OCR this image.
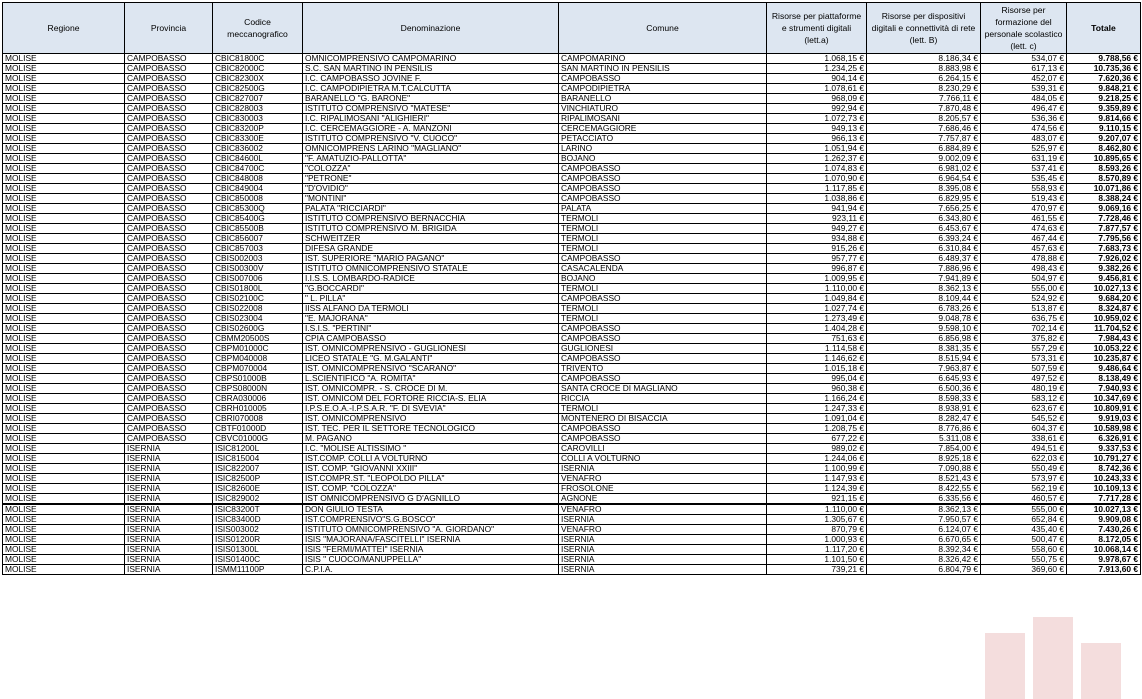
Regione	Provincia	Codice meccanografico	Denominazione	Comune	Risorse per piattaforme e strumenti digitali (lett.a)	Risorse per dispositivi digitali e connettività di rete (lett. B)	Risorse per formazione del personale scolastico (lett. c)	Totale
MOLISE	CAMPOBASSO	CBIC81800C	OMNICOMPRENSIVO CAMPOMARINO	CAMPOMARINO	1.068,15 €	8.186,34 €	534,07 €	9.788,56 €
MOLISE	CAMPOBASSO	CBIC82000C	S.C. SAN MARTINO IN PENSILIS	SAN MARTINO IN PENSILIS	1.234,25 €	8.883,98 €	617,13 €	10.735,36 €
MOLISE	CAMPOBASSO	CBIC82300X	I.C. CAMPOBASSO JOVINE F.	CAMPOBASSO	904,14 €	6.264,15 €	452,07 €	7.620,36 €
MOLISE	CAMPOBASSO	CBIC82500G	I.C. CAMPODIPIETRA M.T.CALCUTTA	CAMPODIPIETRA	1.078,61 €	8.230,29 €	539,31 €	9.848,21 €
MOLISE	CAMPOBASSO	CBIC827007	BARANELLO "G. BARONE"	BARANELLO	968,09 €	7.766,11 €	484,05 €	9.218,25 €
MOLISE	CAMPOBASSO	CBIC828003	ISTITUTO COMPRENSIVO "MATESE"	VINCHIATURO	992,94 €	7.870,48 €	496,47 €	9.359,89 €
MOLISE	CAMPOBASSO	CBIC830003	I.C. RIPALIMOSANI "ALIGHIERI"	RIPALIMOSANI	1.072,73 €	8.205,57 €	536,36 €	9.814,66 €
MOLISE	CAMPOBASSO	CBIC83200P	I.C. CERCEMAGGIORE - A. MANZONI	CERCEMAGGIORE	949,13 €	7.686,46 €	474,56 €	9.110,15 €
MOLISE	CAMPOBASSO	CBIC83300E	ISTITUTO COMPRENSIVO "V. CUOCO"	PETACCIATO	966,13 €	7.757,87 €	483,07 €	9.207,07 €
MOLISE	CAMPOBASSO	CBIC836002	OMNICOMPRENS LARINO "MAGLIANO"	LARINO	1.051,94 €	6.884,89 €	525,97 €	8.462,80 €
MOLISE	CAMPOBASSO	CBIC84600L	"F. AMATUZIO-PALLOTTA"	BOJANO	1.262,37 €	9.002,09 €	631,19 €	10.895,65 €
MOLISE	CAMPOBASSO	CBIC84700C	"COLOZZA"	CAMPOBASSO	1.074,83 €	6.981,02 €	537,41 €	8.593,26 €
MOLISE	CAMPOBASSO	CBIC848008	"PETRONE"	CAMPOBASSO	1.070,90 €	6.964,54 €	535,45 €	8.570,89 €
MOLISE	CAMPOBASSO	CBIC849004	"D'OVIDIO"	CAMPOBASSO	1.117,85 €	8.395,08 €	558,93 €	10.071,86 €
MOLISE	CAMPOBASSO	CBIC850008	"MONTINI"	CAMPOBASSO	1.038,86 €	6.829,95 €	519,43 €	8.388,24 €
MOLISE	CAMPOBASSO	CBIC85300Q	PALATA "RICCIARDI"	PALATA	941,94 €	7.656,25 €	470,97 €	9.069,16 €
MOLISE	CAMPOBASSO	CBIC85400G	ISTITUTO COMPRENSIVO BERNACCHIA	TERMOLI	923,11 €	6.343,80 €	461,55 €	7.728,46 €
MOLISE	CAMPOBASSO	CBIC85500B	ISTITUTO COMPRENSIVO M. BRIGIDA	TERMOLI	949,27 €	6.453,67 €	474,63 €	7.877,57 €
MOLISE	CAMPOBASSO	CBIC856007	SCHWEITZER	TERMOLI	934,88 €	6.393,24 €	467,44 €	7.795,56 €
MOLISE	CAMPOBASSO	CBIC857003	DIFESA GRANDE	TERMOLI	915,26 €	6.310,84 €	457,63 €	7.683,73 €
MOLISE	CAMPOBASSO	CBIS002003	IST. SUPERIORE "MARIO PAGANO"	CAMPOBASSO	957,77 €	6.489,37 €	478,88 €	7.926,02 €
MOLISE	CAMPOBASSO	CBIS00300V	ISTITUTO OMNICOMPRENSIVO STATALE	CASACALENDA	996,87 €	7.886,96 €	498,43 €	9.382,26 €
MOLISE	CAMPOBASSO	CBIS007006	I.I.S.S. LOMBARDO-RADICE	BOJANO	1.009,95 €	7.941,89 €	504,97 €	9.456,81 €
MOLISE	CAMPOBASSO	CBIS01800L	"G.BOCCARDI"	TERMOLI	1.110,00 €	8.362,13 €	555,00 €	10.027,13 €
MOLISE	CAMPOBASSO	CBIS02100C	" L. PILLA"	CAMPOBASSO	1.049,84 €	8.109,44 €	524,92 €	9.684,20 €
MOLISE	CAMPOBASSO	CBIS022008	IISS ALFANO DA TERMOLI	TERMOLI	1.027,74 €	6.783,26 €	513,87 €	8.324,87 €
MOLISE	CAMPOBASSO	CBIS023004	"E. MAJORANA"	TERMOLI	1.273,49 €	9.048,78 €	636,75 €	10.959,02 €
MOLISE	CAMPOBASSO	CBIS02600G	I.S.I.S. "PERTINI"	CAMPOBASSO	1.404,28 €	9.598,10 €	702,14 €	11.704,52 €
MOLISE	CAMPOBASSO	CBMM20500S	CPIA CAMPOBASSO	CAMPOBASSO	751,63 €	6.856,98 €	375,82 €	7.984,43 €
MOLISE	CAMPOBASSO	CBPM01000C	IST. OMNICOMPRENSIVO - GUGLIONESI	GUGLIONESI	1.114,58 €	8.381,35 €	557,29 €	10.053,22 €
MOLISE	CAMPOBASSO	CBPM040008	LICEO STATALE "G. M.GALANTI"	CAMPOBASSO	1.146,62 €	8.515,94 €	573,31 €	10.235,87 €
MOLISE	CAMPOBASSO	CBPM070004	IST. OMNICOMPRENSIVO "SCARANO"	TRIVENTO	1.015,18 €	7.963,87 €	507,59 €	9.486,64 €
MOLISE	CAMPOBASSO	CBPS01000B	L.SCIENTIFICO "A. ROMITA"	CAMPOBASSO	995,04 €	6.645,93 €	497,52 €	8.138,49 €
MOLISE	CAMPOBASSO	CBPS08000N	IST. OMNICOMPR. - S. CROCE DI M.	SANTA CROCE DI MAGLIANO	960,38 €	6.500,36 €	480,19 €	7.940,93 €
MOLISE	CAMPOBASSO	CBRA030006	IST. OMNICOM DEL FORTORE RICCIA-S. ELIA	RICCIA	1.166,24 €	8.598,33 €	583,12 €	10.347,69 €
MOLISE	CAMPOBASSO	CBRH010005	I.P.S.E.O.A.-I.P.S.A.R. "F. DI SVEVIA"	TERMOLI	1.247,33 €	8.938,91 €	623,67 €	10.809,91 €
MOLISE	CAMPOBASSO	CBRI070008	IST. OMNICOMPRENSIVO	MONTENERO DI BISACCIA	1.091,04 €	8.282,47 €	545,52 €	9.919,03 €
MOLISE	CAMPOBASSO	CBTF01000D	IST. TEC. PER IL SETTORE TECNOLOGICO	CAMPOBASSO	1.208,75 €	8.776,86 €	604,37 €	10.589,98 €
MOLISE	CAMPOBASSO	CBVC01000G	M. PAGANO	CAMPOBASSO	677,22 €	5.311,08 €	338,61 €	6.326,91 €
MOLISE	ISERNIA	ISIC81200L	I.C. "MOLISE ALTISSIMO "	CAROVILLI	989,02 €	7.854,00 €	494,51 €	9.337,53 €
MOLISE	ISERNIA	ISIC815004	IST.COMP. COLLI A VOLTURNO	COLLI A VOLTURNO	1.244,06 €	8.925,18 €	622,03 €	10.791,27 €
MOLISE	ISERNIA	ISIC822007	IST. COMP. "GIOVANNI XXIII"	ISERNIA	1.100,99 €	7.090,88 €	550,49 €	8.742,36 €
MOLISE	ISERNIA	ISIC82500P	IST.COMPR.ST. "LEOPOLDO PILLA"	VENAFRO	1.147,93 €	8.521,43 €	573,97 €	10.243,33 €
MOLISE	ISERNIA	ISIC82600E	IST. COMP. "COLOZZA"	FROSOLONE	1.124,39 €	8.422,55 €	562,19 €	10.109,13 €
MOLISE	ISERNIA	ISIC829002	IST OMNICOMPRENSIVO G D'AGNILLO	AGNONE	921,15 €	6.335,56 €	460,57 €	7.717,28 €
MOLISE	ISERNIA	ISIC83200T	DON GIULIO TESTA	VENAFRO	1.110,00 €	8.362,13 €	555,00 €	10.027,13 €
MOLISE	ISERNIA	ISIC83400D	IST.COMPRENSIVO"S.G.BOSCO"	ISERNIA	1.305,67 €	7.950,57 €	652,84 €	9.909,08 €
MOLISE	ISERNIA	ISIS003002	ISTITUTO OMNICOMPRENSIVO "A. GIORDANO"	VENAFRO	870,79 €	6.124,07 €	435,40 €	7.430,26 €
MOLISE	ISERNIA	ISIS01200R	ISIS "MAJORANA/FASCITELLI" ISERNIA	ISERNIA	1.000,93 €	6.670,65 €	500,47 €	8.172,05 €
MOLISE	ISERNIA	ISIS01300L	ISIS "FERMI/MATTEI" ISERNIA	ISERNIA	1.117,20 €	8.392,34 €	558,60 €	10.068,14 €
MOLISE	ISERNIA	ISIS01400C	ISIS " CUOCO/MANUPPELLA"	ISERNIA	1.101,50 €	8.326,42 €	550,75 €	9.978,67 €
MOLISE	ISERNIA	ISMM11100P	C.P.I.A.	ISERNIA	739,21 €	6.804,79 €	369,60 €	7.913,60 €
